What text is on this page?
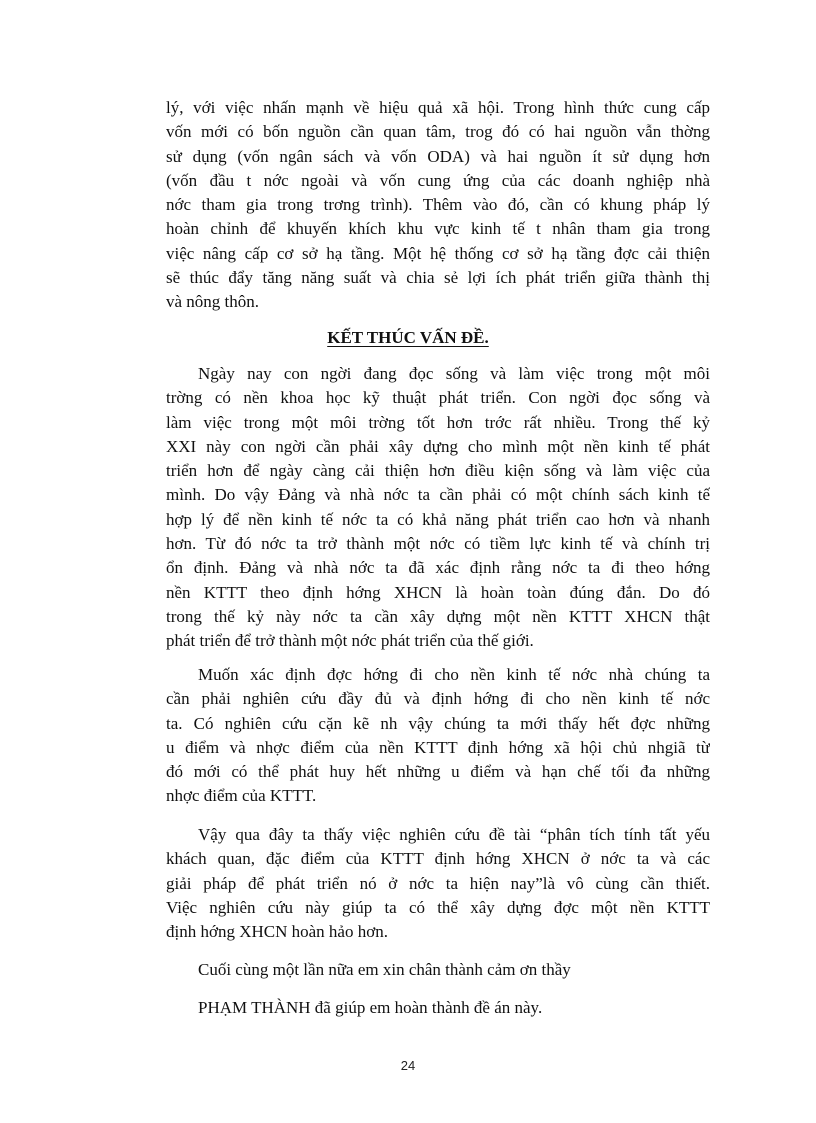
lý, với việc nhấn mạnh về hiệu quả xã hội. Trong hình thức cung cấp
vốn mới có bốn nguồn cần quan tâm, trog đó có hai nguồn vẫn thờng
sử dụng (vốn ngân sách và vốn ODA) và hai nguồn ít sử dụng hơn
(vốn đầu t nớc ngoài và vốn cung ứng của các doanh nghiệp nhà
nớc tham gia trong trơng trình). Thêm vào đó, cần có khung pháp lý
hoàn chỉnh để khuyến khích khu vực kinh tế t nhân tham gia trong
việc nâng cấp cơ sở hạ tầng. Một hệ thống cơ sở hạ tầng đợc cải thiện
sẽ thúc đẩy tăng năng suất và chia sẻ lợi ích phát triển giữa thành thị
và nông thôn.
KẾT THÚC VẤN ĐỀ.
Ngày nay con ngời đang đọc sống và làm việc trong một môi
trờng có nền khoa học kỹ thuật phát triển. Con ngời đọc sống và
làm việc trong một môi trờng tốt hơn trớc rất nhiều. Trong thế kỷ
XXI này con ngời cần phải xây dựng cho mình một nền kinh tế phát
triển hơn để ngày càng cải thiện hơn điều kiện sống và làm việc của
mình. Do vậy Đảng và nhà nớc ta cần phải có một chính sách kinh tế
hợp lý để nền kinh tế nớc ta có khả năng phát triển cao hơn và nhanh
hơn. Từ đó nớc ta trở thành một nớc có tiềm lực kinh tế và chính trị
ổn định. Đảng và nhà nớc ta đã xác định rằng nớc ta đi theo hớng
nền KTTT theo định hớng XHCN là hoàn toàn đúng đắn. Do đó
trong thế kỷ này nớc ta cần xây dựng một nền KTTT XHCN thật
phát triển để trở thành một nớc phát triển của thế giới.
Muốn xác định đợc hớng đi cho nền kinh tế nớc nhà chúng ta
cần phải nghiên cứu đầy đủ và định hớng đi cho nền kinh tế nớc
ta. Có nghiên cứu cặn kẽ nh vậy chúng ta mới thấy hết đợc những
u điểm và nhợc điểm của nền KTTT định hớng xã hội chủ nhgiã từ
đó mới có thể phát huy hết những u điểm và hạn chế tối đa những
nhợc điểm của KTTT.
Vậy qua đây ta thấy việc nghiên cứu đề tài “phân tích tính tất yếu
khách quan, đặc điểm của KTTT định hớng XHCN ở nớc ta và các
giải pháp để phát triển nó ở nớc ta hiện nay”là vô cùng cần thiết.
Việc nghiên cứu này giúp ta có thể xây dựng đợc một nền KTTT
định hớng XHCN hoàn hảo hơn.
Cuối cùng một lần nữa em xin chân thành cảm ơn thầy
PHẠM THÀNH đã giúp em hoàn thành đề án này.
24
